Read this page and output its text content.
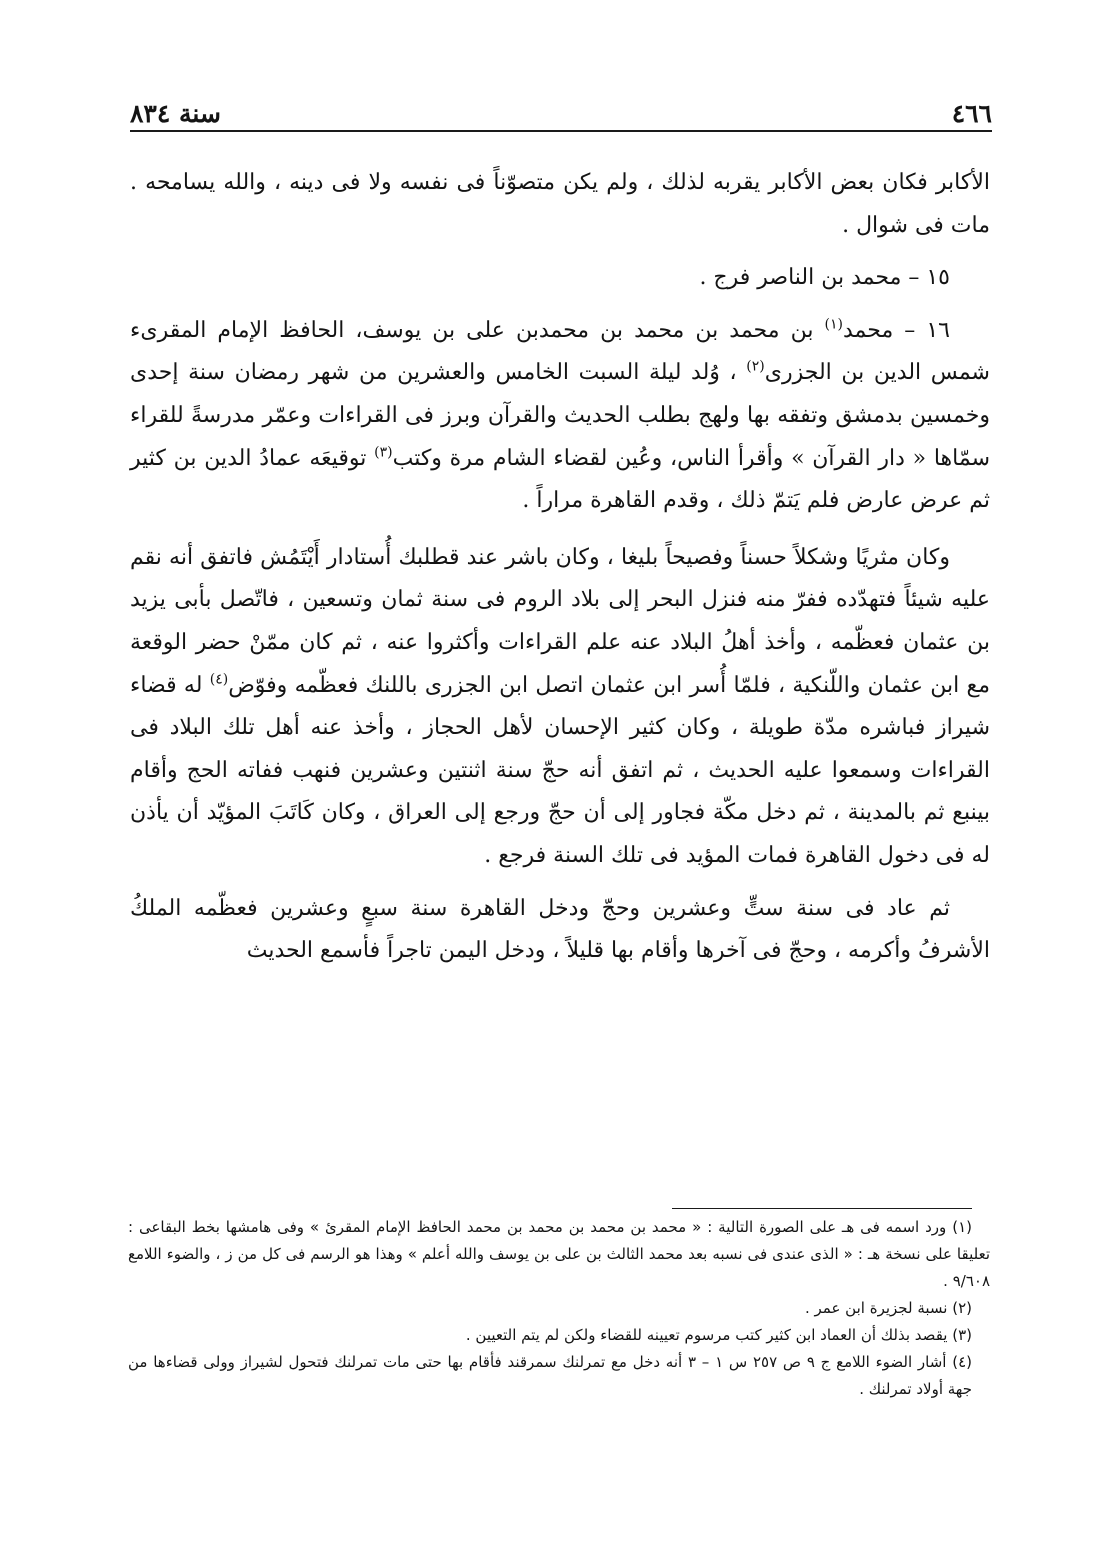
سنة ٨٣٤	٤٦٦

الأكابر فكان بعض الأكابر يقربه لذلك ، ولم يكن متصوّناً فى نفسه ولا فى دينه ، والله يسامحه . مات فى شوال .

١٥ – محمد بن الناصر فرج .

١٦ – محمد$^{(١)}$ بن محمد بن محمد بن محمدبن على بن يوسف، الحافظ الإمام المقرىء شمس الدين بن الجزرى$^{(٢)}$ ، وُلد ليلة السبت الخامس والعشرين من شهر رمضان سنة إحدى وخمسين بدمشق وتفقه بها ولهج بطلب الحديث والقرآن وبرز فى القراءات وعمّر مدرسةً للقراء سمّاها « دار القرآن » وأقرأ الناس، وعُين لقضاء الشام مرة وكتب$^{(٣)}$ توقيعَه عمادُ الدين بن كثير ثم عرض عارض فلم يَتمّ ذلك ، وقدم القاهرة مراراً .

وكان مثريًا وشكلاً حسناً وفصيحاً بليغا ، وكان باشر عند قطلبك أُستادار أَيْتَمُش فاتفق أنه نقم عليه شيئاً فتهدّده ففرّ منه فنزل البحر إلى بلاد الروم فى سنة ثمان وتسعين ، فاتّصل بأبى يزيد بن عثمان فعظّمه ، وأخذ أهلُ البلاد عنه علم القراءات وأكثروا عنه ، ثم كان ممّنْ حضر الوقعة مع ابن عثمان واللّنكية ، فلمّا أُسر ابن عثمان اتصل ابن الجزرى باللنك فعظّمه وفوّض$^{(٤)}$ له قضاء شيراز فباشره مدّة طويلة ، وكان كثير الإحسان لأهل الحجاز ، وأخذ عنه أهل تلك البلاد فى القراءات وسمعوا عليه الحديث ، ثم اتفق أنه حجّ سنة اثنتين وعشرين فنهب ففاته الحج وأقام بينبع ثم بالمدينة ، ثم دخل مكّة فجاور إلى أن حجّ ورجع إلى العراق ، وكان كَاتَبَ المؤيّد أن يأذن له فى دخول القاهرة فمات المؤيد فى تلك السنة فرجع .

ثم عاد فى سنة ستٍّ وعشرين وحجّ ودخل القاهرة سنة سبعٍ وعشرين فعظّمه الملكُ الأشرفُ وأكرمه ، وحجّ فى آخرها وأقام بها قليلاً ، ودخل اليمن تاجراً فأسمع الحديث

(١) ورد اسمه فى هـ على الصورة التالية : « محمد بن محمد بن محمد بن محمد الحافظ الإمام المقرئ » وفى هامشها بخط البقاعى : تعليقا على نسخة هـ : « الذى عندى فى نسبه بعد محمد الثالث بن على بن يوسف والله أعلم » وهذا هو الرسم فى كل من ز ، والضوء اللامع ٩/٦٠٨ .

(٢) نسبة لجزيرة ابن عمر .

(٣) يقصد بذلك أن العماد ابن كثير كتب مرسوم تعيينه للقضاء ولكن لم يتم التعيين .

(٤) أشار الضوء اللامع ج ٩ ص ٢٥٧ س ١ – ٣ أنه دخل مع تمرلنك سمرقند فأقام بها حتى مات تمرلنك فتحول لشيراز وولى قضاءها من جهة أولاد تمرلنك .
